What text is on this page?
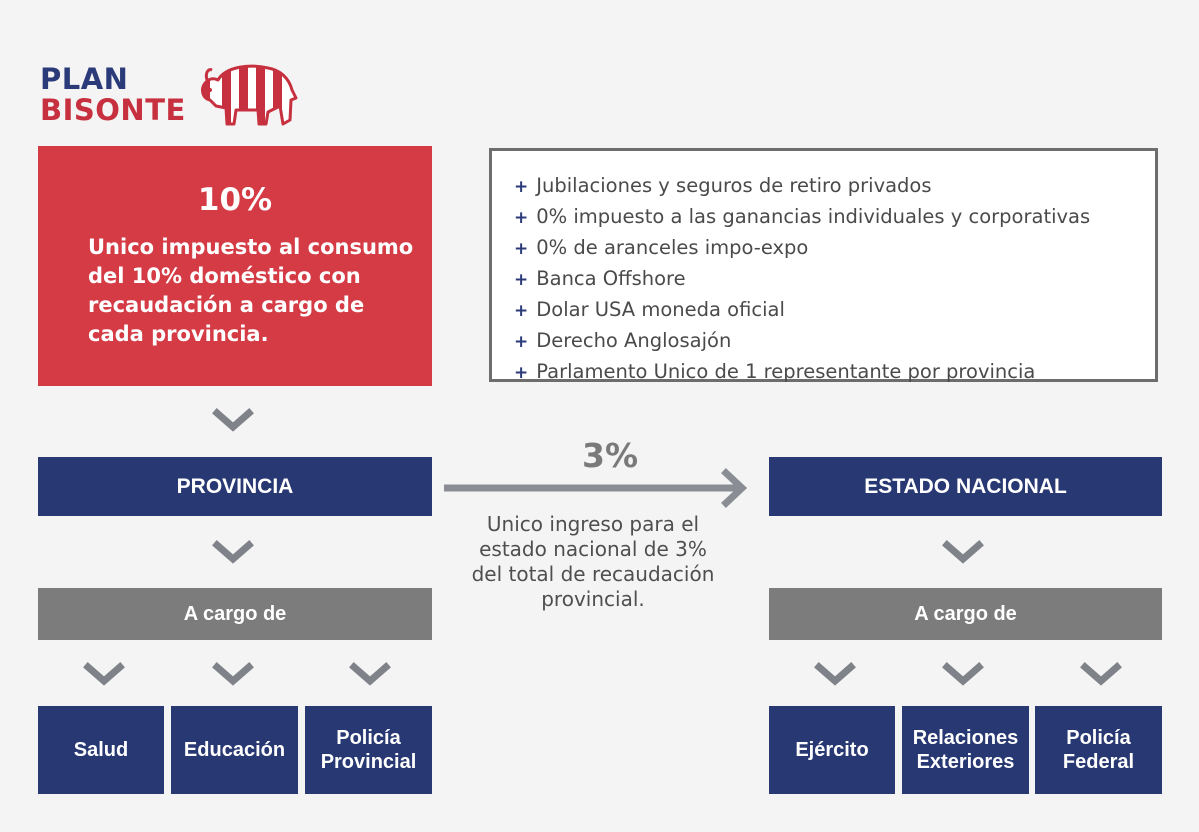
PLAN
BISONTE
10%
Unico impuesto al consumo del 10% doméstico con recaudación a cargo de cada provincia.
+ Jubilaciones y seguros de retiro privados
+ 0% impuesto a las ganancias individuales y corporativas
+ 0% de aranceles impo-expo
+ Banca Offshore
+ Dolar USA moneda oficial
+ Derecho Anglosajón
+ Parlamento Unico de 1 representante por provincia
PROVINCIA
A cargo de
Salud	Educación
Policía Provincial
3%
Unico ingreso para el estado nacional de 3% del total de recaudación provincial.
ESTADO NACIONAL
A cargo de
Ejército
Relaciones Exteriores
Policía Federal
